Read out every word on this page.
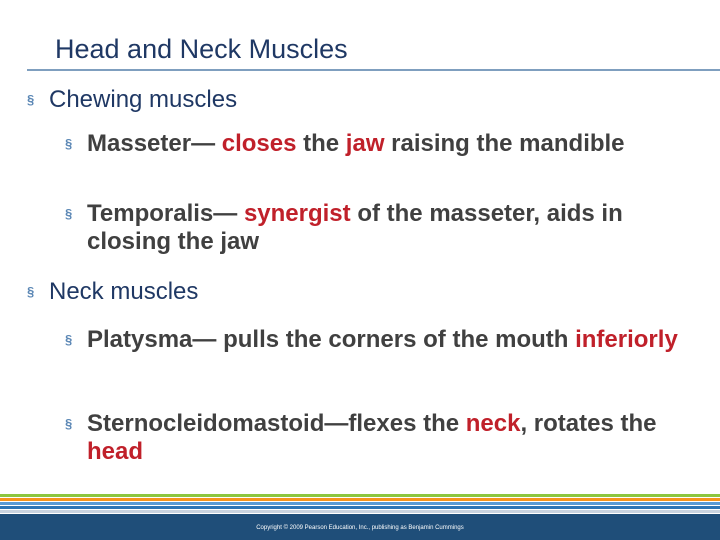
Head and Neck Muscles
§ Chewing muscles
§ Masseter— closes the jaw raising the mandible
§ Temporalis— synergist of the masseter, aids in closing the jaw
§ Neck muscles
§ Platysma— pulls the corners of the mouth inferiorly
§ Sternocleidomastoid—flexes the neck, rotates the head
Copyright © 2009 Pearson Education, Inc., publishing as Benjamin Cummings
